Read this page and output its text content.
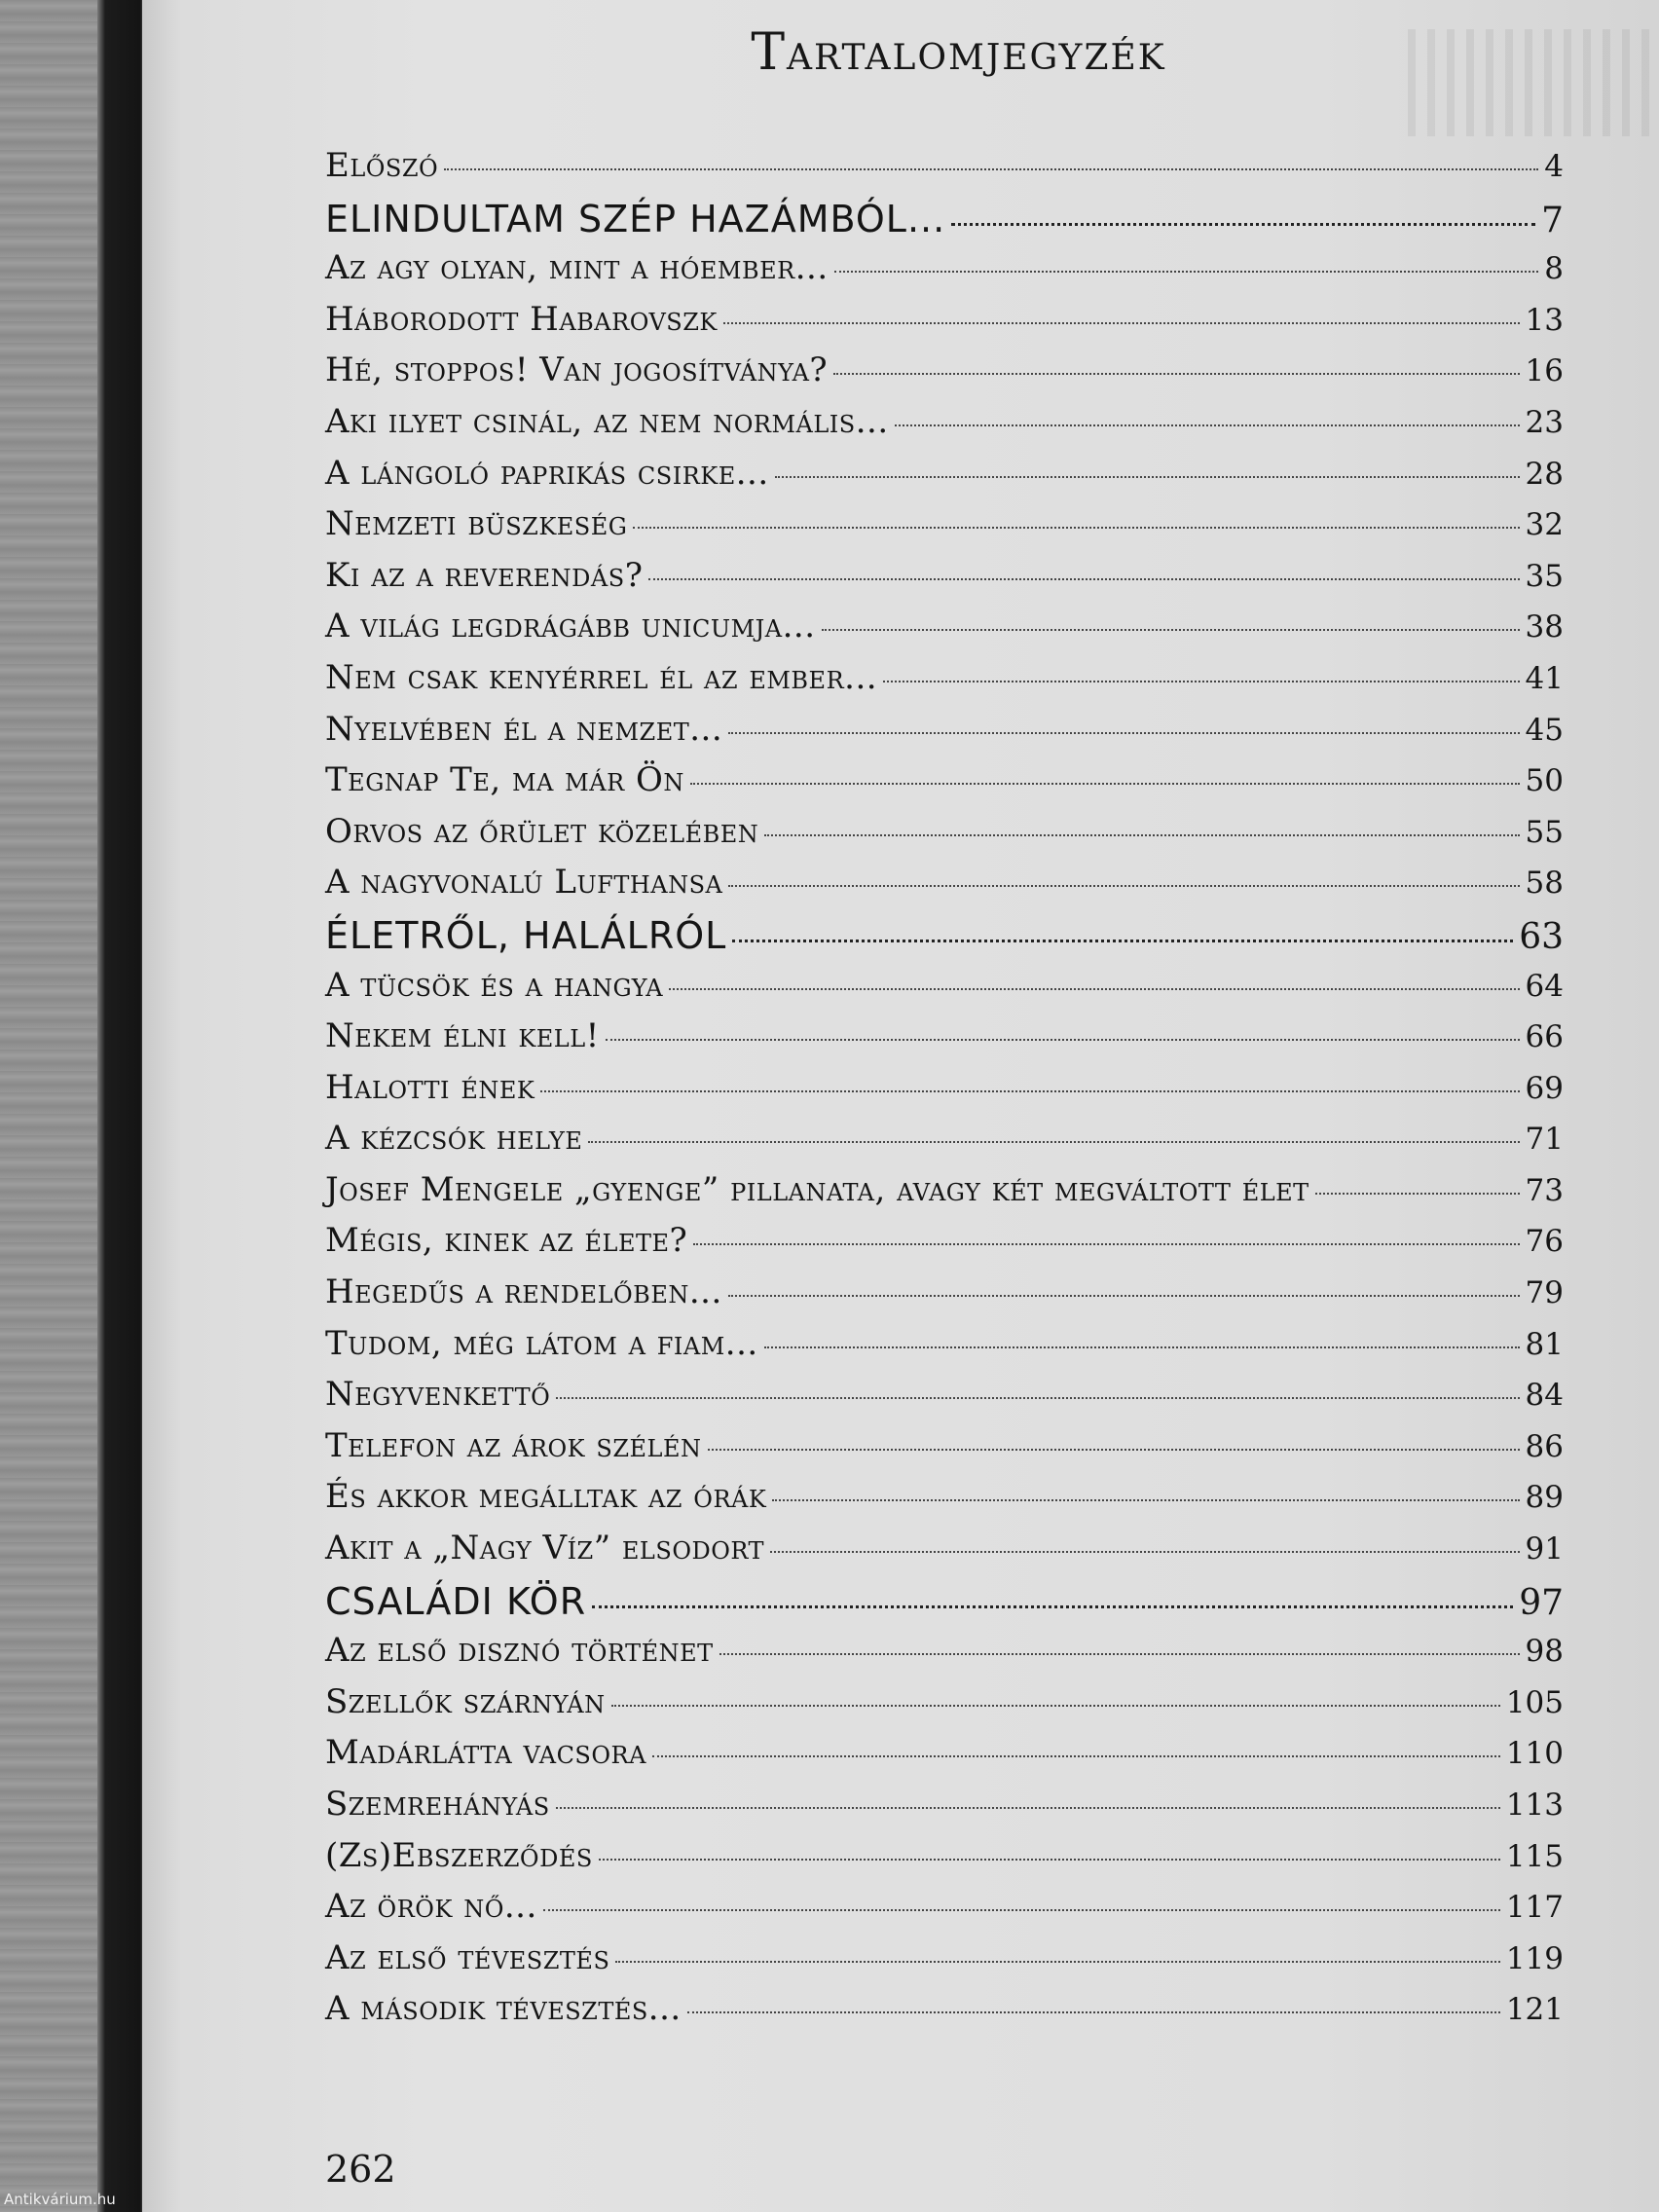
Tartalomjegyzék
Előszó	4
ELINDULTAM SZÉP HAZÁMBÓL...	7
Az agy olyan, mint a hóember...	8
Háborodott Habarovszk	13
Hé, stoppos! Van jogosítványa?	16
Aki ilyet csinál, az nem normális...	23
A lángoló paprikás csirke...	28
Nemzeti büszkeség	32
Ki az a reverendás?	35
A világ legdrágább unicumja...	38
Nem csak kenyérrel él az ember...	41
Nyelvében él a nemzet...	45
Tegnap Te, ma már Ön	50
Orvos az őrület közelében	55
A nagyvonalú Lufthansa	58
ÉLETRŐL, HALÁLRÓL	63
A tücsök és a hangya	64
Nekem élni kell!	66
Halotti ének	69
A kézcsók helye	71
Josef Mengele „gyenge” pillanata, avagy két megváltott élet	73
Mégis, kinek az élete?	76
Hegedűs a rendelőben...	79
Tudom, még látom a fiam...	81
Negyvenkettő	84
Telefon az árok szélén	86
És akkor megálltak az órák	89
Akit a „Nagy Víz” elsodort	91
CSALÁDI KÖR	97
Az első disznó történet	98
Szellők szárnyán	105
Madárlátta vacsora	110
Szemrehányás	113
(Zs)Ebszerződés	115
Az örök nő...	117
Az első tévesztés	119
A második tévesztés...	121
262
Antikvárium.hu
